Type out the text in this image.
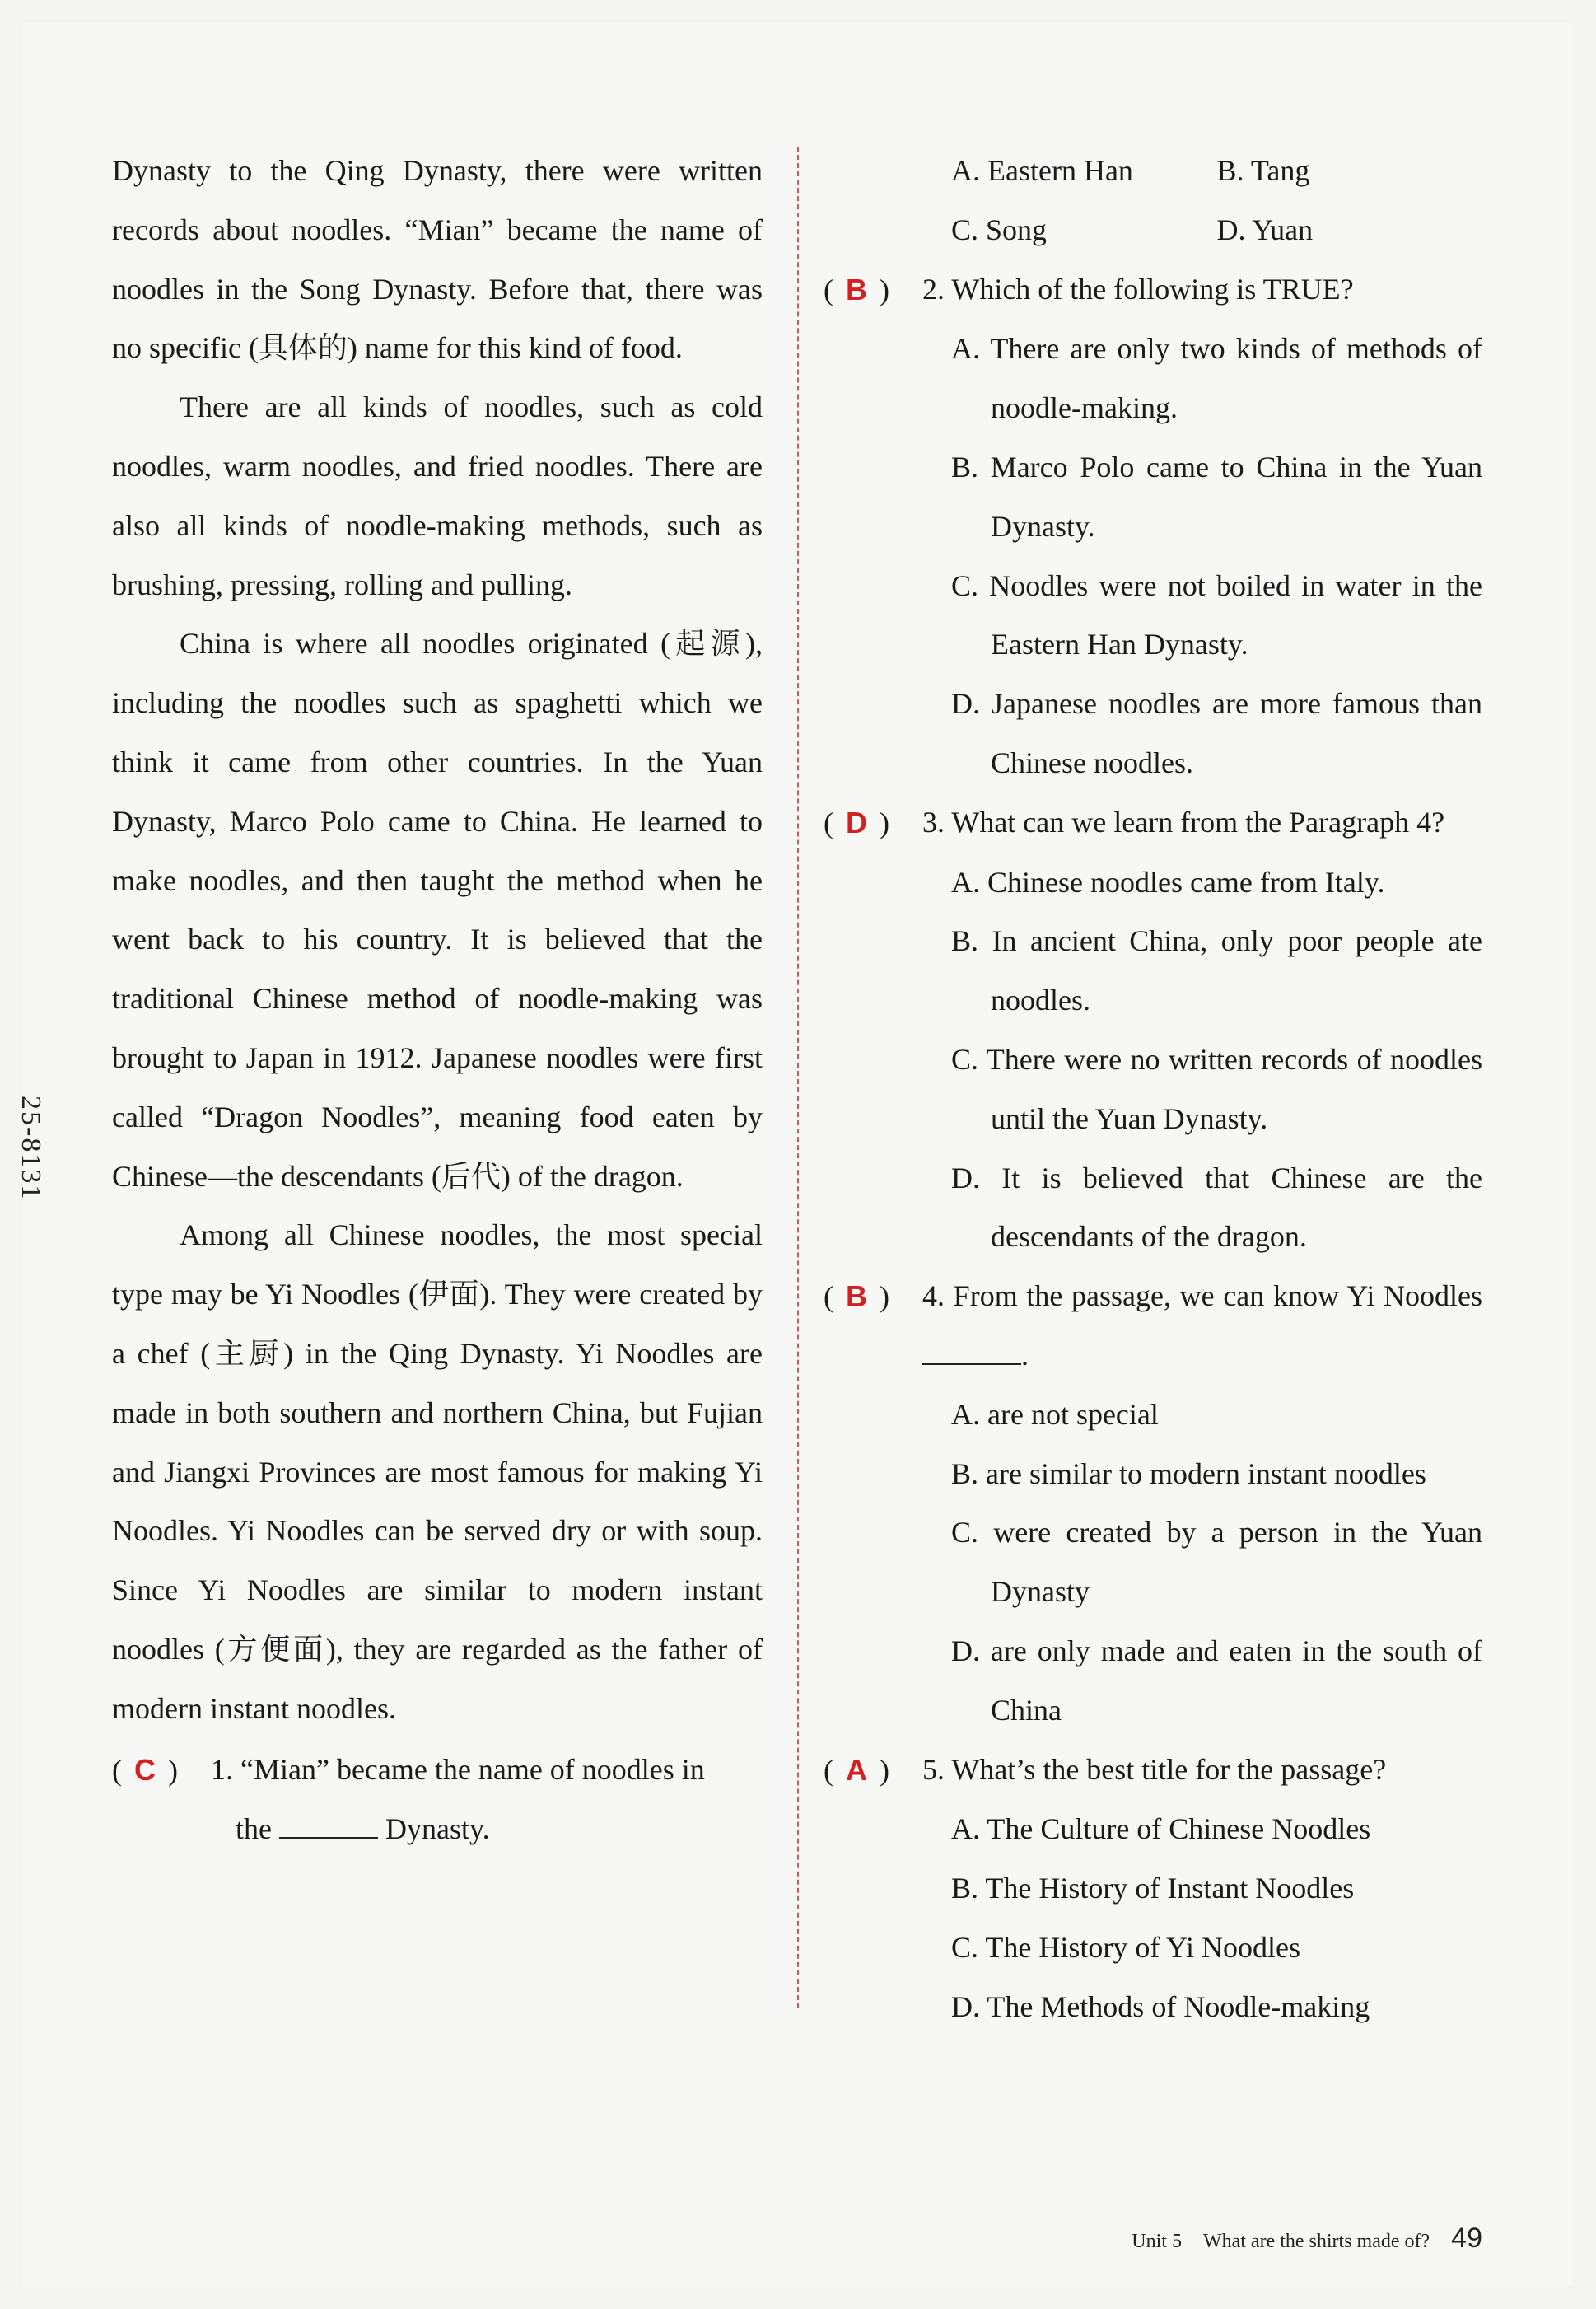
25-8131

Dynasty to the Qing Dynasty, there were written records about noodles. “Mian” became the name of noodles in the Song Dynasty. Before that, there was no specific (具体的) name for this kind of food.

There are all kinds of noodles, such as cold noodles, warm noodles, and fried noodles. There are also all kinds of noodle-making methods, such as brushing, pressing, rolling and pulling.

China is where all noodles originated (起源), including the noodles such as spaghetti which we think it came from other countries. In the Yuan Dynasty, Marco Polo came to China. He learned to make noodles, and then taught the method when he went back to his country. It is believed that the traditional Chinese method of noodle-making was brought to Japan in 1912. Japanese noodles were first called “Dragon Noodles”, meaning food eaten by Chinese—the descendants (后代) of the dragon.

Among all Chinese noodles, the most special type may be Yi Noodles (伊面). They were created by a chef (主厨) in the Qing Dynasty. Yi Noodles are made in both southern and northern China, but Fujian and Jiangxi Provinces are most famous for making Yi Noodles. Yi Noodles can be served dry or with soup. Since Yi Noodles are similar to modern instant noodles (方便面), they are regarded as the father of modern instant noodles.

( C )	1. “Mian” became the name of noodles in
the	Dynasty.
A. Eastern Han	B. Tang
C. Song	D. Yuan
( B )	2. Which of the following is TRUE?
A. There are only two kinds of methods of noodle-making.
B. Marco Polo came to China in the Yuan Dynasty.
C. Noodles were not boiled in water in the Eastern Han Dynasty.
D. Japanese noodles are more famous than Chinese noodles.
( D )	3. What can we learn from the Paragraph 4?
A. Chinese noodles came from Italy.
B. In ancient China, only poor people ate noodles.
C. There were no written records of noodles until the Yuan Dynasty.
D. It is believed that Chinese are the descendants of the dragon.
( B )	4. From the passage, we can know Yi Noodles .
A. are not special
B. are similar to modern instant noodles
C. were created by a person in the Yuan Dynasty
D. are only made and eaten in the south of China
( A )	5. What’s the best title for the passage?
A. The Culture of Chinese Noodles
B. The History of Instant Noodles
C. The History of Yi Noodles
D. The Methods of Noodle-making
Unit 5 What are the shirts made of? 49
